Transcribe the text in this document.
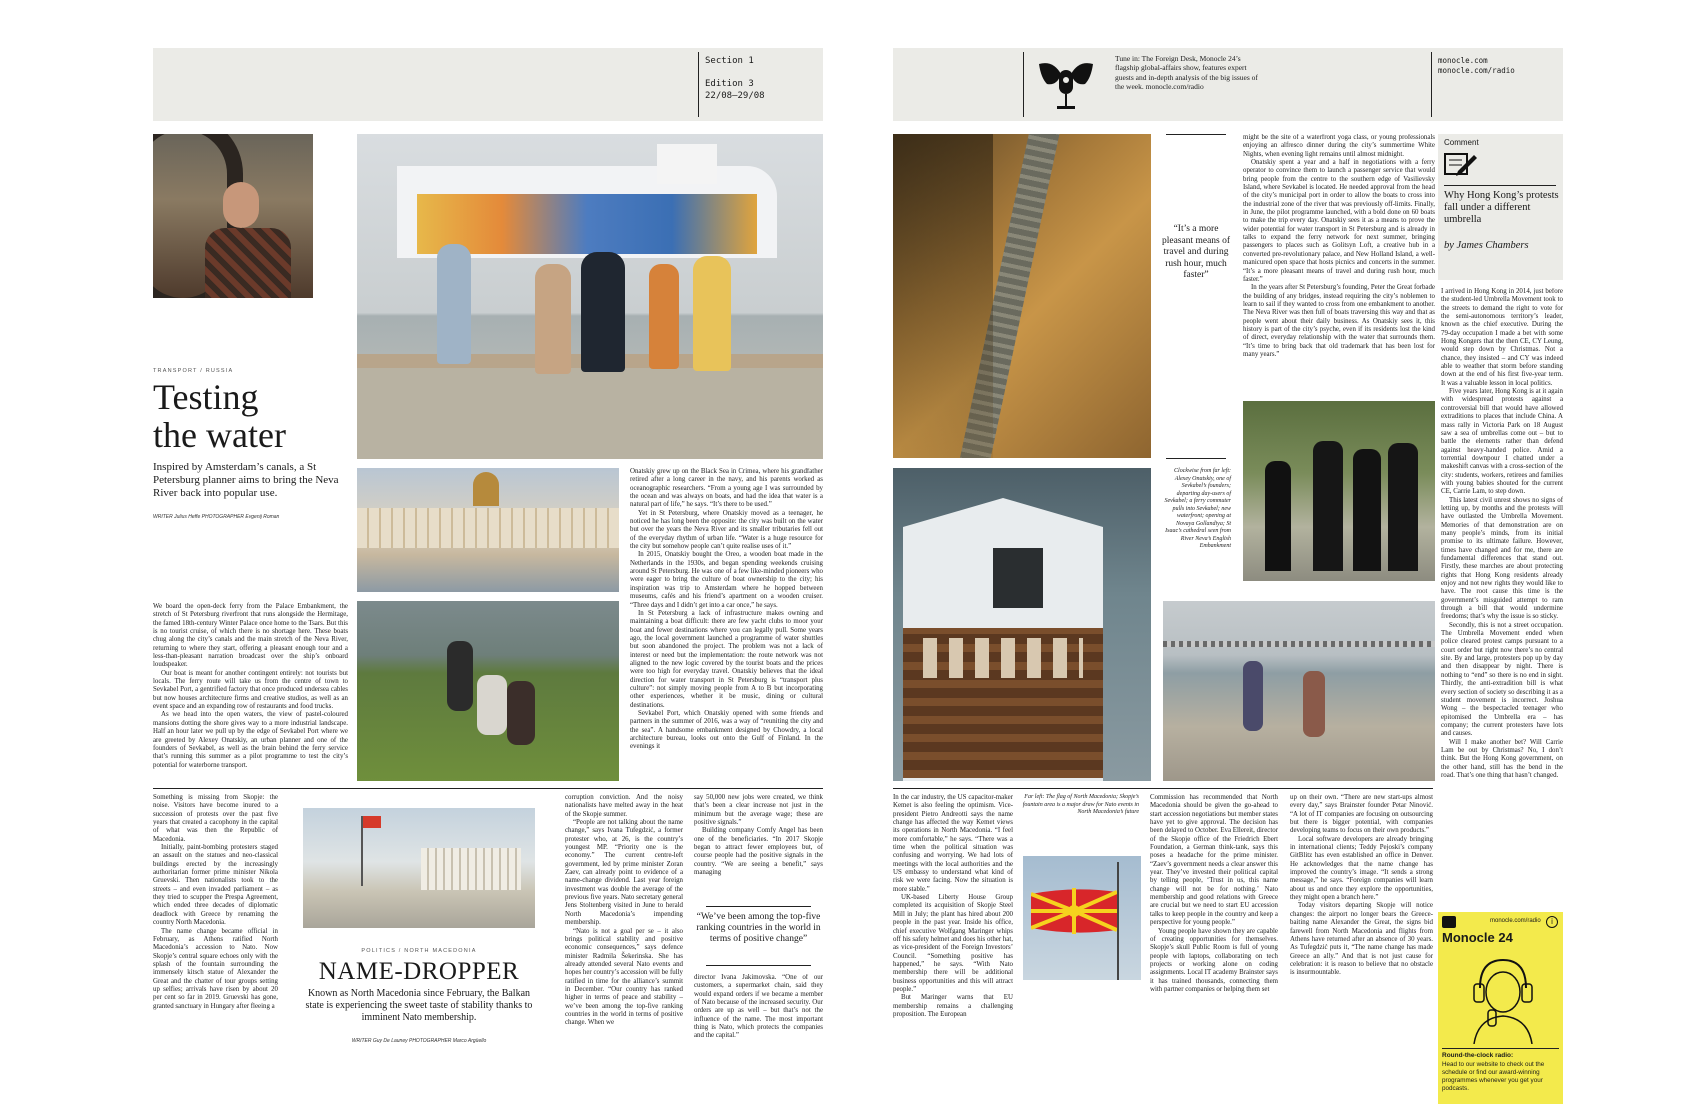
Section 1
Edition 3
22/08—29/08
TRANSPORT / RUSSIA
Testing
the water
Inspired by Amsterdam’s canals, a St Petersburg planner aims to bring the Neva River back into popular use.
WRITER Julius Heffe PHOTOGRAPHER Evgenij Roman

We board the open-deck ferry from the Palace Embankment, the stretch of St Petersburg riverfront that runs alongside the Hermitage, the famed 18th-century Winter Palace once home to the Tsars. But this is no tourist cruise, of which there is no shortage here. These boats chug along the city’s canals and the main stretch of the Neva River, returning to where they start, offering a pleasant enough tour and a less-than-pleasant narration broadcast over the ship’s onboard loudspeaker.

Our boat is meant for another contingent entirely: not tourists but locals. The ferry route will take us from the centre of town to Sevkabel Port, a gentrified factory that once produced undersea cables but now houses architecture firms and creative studios, as well as an event space and an expanding row of restaurants and food trucks.

As we head into the open waters, the view of pastel-coloured mansions dotting the shore gives way to a more industrial landscape. Half an hour later we pull up by the edge of Sevkabel Port where we are greeted by Alexey Onatskiy, an urban planner and one of the founders of Sevkabel, as well as the brain behind the ferry service that’s running this summer as a pilot programme to test the city’s potential for waterborne transport.

Onatskiy grew up on the Black Sea in Crimea, where his grandfather retired after a long career in the navy, and his parents worked as oceanographic researchers. “From a young age I was surrounded by the ocean and was always on boats, and had the idea that water is a natural part of life,” he says. “It’s there to be used.”

Yet in St Petersburg, where Onatskiy moved as a teenager, he noticed he has long been the opposite: the city was built on the water but over the years the Neva River and its smaller tributaries fell out of the everyday rhythm of urban life. “Water is a huge resource for the city but somehow people can’t quite realise uses of it.”

In 2015, Onatskiy bought the Oreo, a wooden boat made in the Netherlands in the 1930s, and began spending weekends cruising around St Petersburg. He was one of a few like-minded pioneers who were eager to bring the culture of boat ownership to the city; his inspiration was trip to Amsterdam where he hopped between museums, cafés and his friend’s apartment on a wooden cruiser. “Three days and I didn’t get into a car once,” he says.

In St Petersburg a lack of infrastructure makes owning and maintaining a boat difficult: there are few yacht clubs to moor your boat and fewer destinations where you can legally pull. Some years ago, the local government launched a programme of water shuttles but soon abandoned the project. The problem was not a lack of interest or need but the implementation: the route network was not aligned to the new logic covered by the tourist boats and the prices were too high for everyday travel. Onatskiy believes that the ideal direction for water transport in St Petersburg is “transport plus culture”: not simply moving people from A to B but incorporating other experiences, whether it be music, dining or cultural destinations.

Sevkabel Port, which Onatskiy opened with some friends and partners in the summer of 2016, was a way of “reuniting the city and the sea”. A handsome embankment designed by Chowdry, a local architecture bureau, looks out onto the Gulf of Finland. In the evenings it

Something is missing from Skopje: the noise. Visitors have become inured to a succession of protests over the past five years that created a cacophony in the capital of what was then the Republic of Macedonia.

Initially, paint-bombing protesters staged an assault on the statues and neo-classical buildings erected by the increasingly authoritarian former prime minister Nikola Gruevski. Then nationalists took to the streets – and even invaded parliament – as they tried to scupper the Prespa Agreement, which ended three decades of diplomatic deadlock with Greece by renaming the country North Macedonia.

The name change became official in February, as Athens ratified North Macedonia’s accession to Nato. Now Skopje’s central square echoes only with the splash of the fountain surrounding the immensely kitsch statue of Alexander the Great and the chatter of tour groups setting up selfies; arrivals have risen by about 20 per cent so far in 2019. Gruevski has gone, granted sanctuary in Hungary after fleeing a

POLITICS / NORTH MACEDONIA
NAME-DROPPER
Known as North Macedonia since February, the Balkan state is experiencing the sweet taste of stability thanks to imminent Nato membership.
WRITER Guy De Launey PHOTOGRAPHER Marco Argüello

corruption conviction. And the noisy nationalists have melted away in the heat of the Skopje summer.

“People are not talking about the name change,” says Ivana Tufegdzić, a former protester who, at 26, is the country’s youngest MP. “Priority one is the economy.” The current centre-left government, led by prime minister Zoran Zaev, can already point to evidence of a name-change dividend. Last year foreign investment was double the average of the previous five years. Nato secretary general Jens Stoltenberg visited in June to herald North Macedonia’s impending membership.

“Nato is not a goal per se – it also brings political stability and positive economic consequences,” says defence minister Radmila Šekerinska. She has already attended several Nato events and hopes her country’s accession will be fully ratified in time for the alliance’s summit in December. “Our country has ranked higher in terms of peace and stability – we’ve been among the top-five ranking countries in the world in terms of positive change. When we

say 50,000 new jobs were created, we think that’s been a clear increase not just in the minimum but the average wage; these are positive signals.”

Building company Comfy Angel has been one of the beneficiaries. “In 2017 Skopje began to attract fewer employees but, of course people had the positive signals in the country. “We are seeing a benefit,” says managing

“We’ve been among the top-five ranking countries in the world in terms of positive change”

director Ivana Jakimovska. “One of our customers, a supermarket chain, said they would expand orders if we became a member of Nato because of the increased security. Our orders are up as well – but that’s not the influence of the name. The most important thing is Nato, which protects the companies and the capital.”

Tune in: The Foreign Desk, Monocle 24’s flagship global-affairs show, features expert guests and in-depth analysis of the big issues of the week. monocle.com/radio
monocle.com
monocle.com/radio
“It’s a more pleasant means of travel and during rush hour, much faster”

might be the site of a waterfront yoga class, or young professionals enjoying an alfresco dinner during the city’s summertime White Nights, when evening light remains until almost midnight.

Onatskiy spent a year and a half in negotiations with a ferry operator to convince them to launch a passenger service that would bring people from the centre to the southern edge of Vasilievsky Island, where Sevkabel is located. He needed approval from the head of the city’s municipal port in order to allow the boats to cross into the industrial zone of the river that was previously off-limits. Finally, in June, the pilot programme launched, with a bold done on 60 boats to make the trip every day. Onatskiy sees it as a means to prove the wider potential for water transport in St Petersburg and is already in talks to expand the ferry network for next summer, bringing passengers to places such as Golitsyn Loft, a creative hub in a converted pre-revolutionary palace, and New Holland Island, a well-manicured open space that hosts picnics and concerts in the summer. “It’s a more pleasant means of travel and during rush hour, much faster.”

In the years after St Petersburg’s founding, Peter the Great forbade the building of any bridges, instead requiring the city’s noblemen to learn to sail if they wanted to cross from one embankment to another. The Neva River was then full of boats traversing this way and that as people went about their daily business. As Onatskiy sees it, this history is part of the city’s psyche, even if its residents lost the kind of direct, everyday relationship with the water that surrounds them. “It’s time to bring back that old trademark that has been lost for many years.”

Clockwise from far left: Alexey Onatskiy, one of Sevkabel’s founders; departing day-users of Sevkabel; a ferry commuter pulls into Sevkabel; new waterfront; opening at Novaya Gollandiya; St Isaac’s cathedral seen from River Neva’s English Embankment
Comment
Why Hong Kong’s protests fall under a different umbrella
by James Chambers

I arrived in Hong Kong in 2014, just before the student-led Umbrella Movement took to the streets to demand the right to vote for the semi-autonomous territory’s leader, known as the chief executive. During the 79-day occupation I made a bet with some Hong Kongers that the then CE, CY Leung, would step down by Christmas. Not a chance, they insisted – and CY was indeed able to weather that storm before standing down at the end of his first five-year term. It was a valuable lesson in local politics.

Five years later, Hong Kong is at it again with widespread protests against a controversial bill that would have allowed extraditions to places that include China. A mass rally in Victoria Park on 18 August saw a sea of umbrellas come out – but to battle the elements rather than defend against heavy-handed police. Amid a torrential downpour I chatted under a makeshift canvas with a cross-section of the city: students, workers, retirees and families with young babies shouted for the current CE, Carrie Lam, to step down.

This latest civil unrest shows no signs of letting up, by months and the protests will have outlasted the Umbrella Movement. Memories of that demonstration are on many people’s minds, from its initial promise to its ultimate failure. However, times have changed and for me, there are fundamental differences that stand out. Firstly, these marches are about protecting rights that Hong Kong residents already enjoy and not new rights they would like to have. The root cause this time is the government’s misguided attempt to ram through a bill that would undermine freedoms; that’s why the issue is so sticky.

Secondly, this is not a street occupation. The Umbrella Movement ended when police cleared protest camps pursuant to a court order but right now there’s no central site. By and large, protesters pop up by day and then disappear by night. There is nothing to “end” so there is no end in sight. Thirdly, the anti-extradition bill is what every section of society so describing it as a student movement is incorrect. Joshua Wong – the bespectacled teenager who epitomised the Umbrella era – has company; the current protesters have lots and causes.

Will I make another bet? Will Carrie Lam be out by Christmas? No, I don’t think. But the Hong Kong government, on the other hand, still has the bend in the road. That’s one thing that hasn’t changed.

monocle.com/radio	i
Monocle 24
Round-the-clock radio:
Head to our website to check out the schedule or find our award-winning programmes whenever you get your podcasts.

In the car industry, the US capacitor-maker Kemet is also feeling the optimism. Vice-president Pietro Andreotti says the name change has affected the way Kemet views its operations in North Macedonia. “I feel more comfortable,” he says. “There was a time when the political situation was confusing and worrying. We had lots of meetings with the local authorities and the US embassy to understand what kind of risk we were facing. Now the situation is more stable.”

UK-based Liberty House Group completed its acquisition of Skopje Steel Mill in July; the plant has hired about 200 people in the past year. Inside his office, chief executive Wolfgang Maringer whips off his safety helmet and does his other hat, as vice-president of the Foreign Investors’ Council. “Something positive has happened,” he says. “With Nato membership there will be additional business opportunities and this will attract people.”

But Maringer warns that EU membership remains a challenging proposition. The European

Far left: The flag of North Macedonia; Skopje’s fountain area is a major draw for Nato events in North Macedonia’s future

Commission has recommended that North Macedonia should be given the go-ahead to start accession negotiations but member states have yet to give approval. The decision has been delayed to October. Eva Ellereit, director of the Skopje office of the Friedrich Ebert Foundation, a German think-tank, says this poses a headache for the prime minister. “Zaev’s government needs a clear answer this year. They’ve invested their political capital by telling people, ‘Trust in us, this name change will not be for nothing.’ Nato membership and good relations with Greece are crucial but we need to start EU accession talks to keep people in the country and keep a perspective for young people.”

Young people have shown they are capable of creating opportunities for themselves. Skopje’s skull Public Room is full of young people with laptops, collaborating on tech projects or working alone on coding assignments. Local IT academy Brainster says it has trained thousands, connecting them with partner companies or helping them set

up on their own. “There are new start-ups almost every day,” says Brainster founder Petar Ninović. “A lot of IT companies are focusing on outsourcing but there is bigger potential, with companies developing teams to focus on their own products.”

Local software developers are already bringing in international clients; Teddy Pejoski’s company GitBlitz has even established an office in Denver. He acknowledges that the name change has improved the country’s image. “It sends a strong message,” he says. “Foreign companies will learn about us and once they explore the opportunities, they might open a branch here.”

Today visitors departing Skopje will notice changes: the airport no longer bears the Greece-baiting name Alexander the Great, the signs bid farewell from North Macedonia and flights from Athens have returned after an absence of 30 years. As Tufegdzić puts it, “The name change has made Greece an ally.” And that is not just cause for celebration: it is reason to believe that no obstacle is insurmountable.
